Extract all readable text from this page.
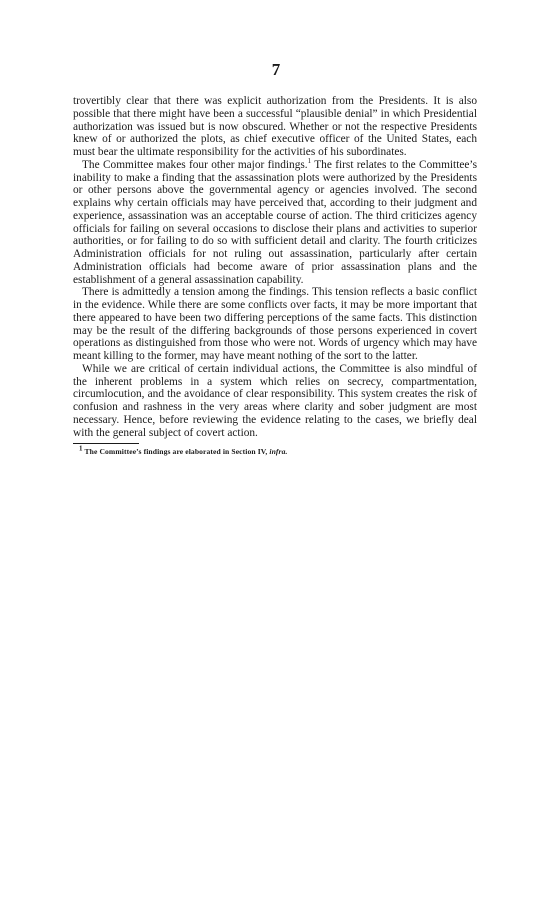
7

trovertibly clear that there was explicit authorization from the Presidents. It is also possible that there might have been a successful “plausible denial” in which Presidential authorization was issued but is now obscured. Whether or not the respective Presidents knew of or authorized the plots, as chief executive officer of the United States, each must bear the ultimate responsibility for the activities of his subordinates.

The Committee makes four other major findings.$^1$ The first relates to the Committee’s inability to make a finding that the assassination plots were authorized by the Presidents or other persons above the governmental agency or agencies involved. The second explains why certain officials may have perceived that, according to their judgment and experience, assassination was an acceptable course of action. The third criticizes agency officials for failing on several occasions to disclose their plans and activities to superior authorities, or for failing to do so with sufficient detail and clarity. The fourth criticizes Administration officials for not ruling out assassination, particularly after certain Administration officials had become aware of prior assassination plans and the establishment of a general assassination capability.

There is admittedly a tension among the findings. This tension reflects a basic conflict in the evidence. While there are some conflicts over facts, it may be more important that there appeared to have been two differing perceptions of the same facts. This distinction may be the result of the differing backgrounds of those persons experienced in covert operations as distinguished from those who were not. Words of urgency which may have meant killing to the former, may have meant nothing of the sort to the latter.

While we are critical of certain individual actions, the Committee is also mindful of the inherent problems in a system which relies on secrecy, compartmentation, circumlocution, and the avoidance of clear responsibility. This system creates the risk of confusion and rashness in the very areas where clarity and sober judgment are most necessary. Hence, before reviewing the evidence relating to the cases, we briefly deal with the general subject of covert action.

$^1$ The Committee’s findings are elaborated in Section IV, infra.
